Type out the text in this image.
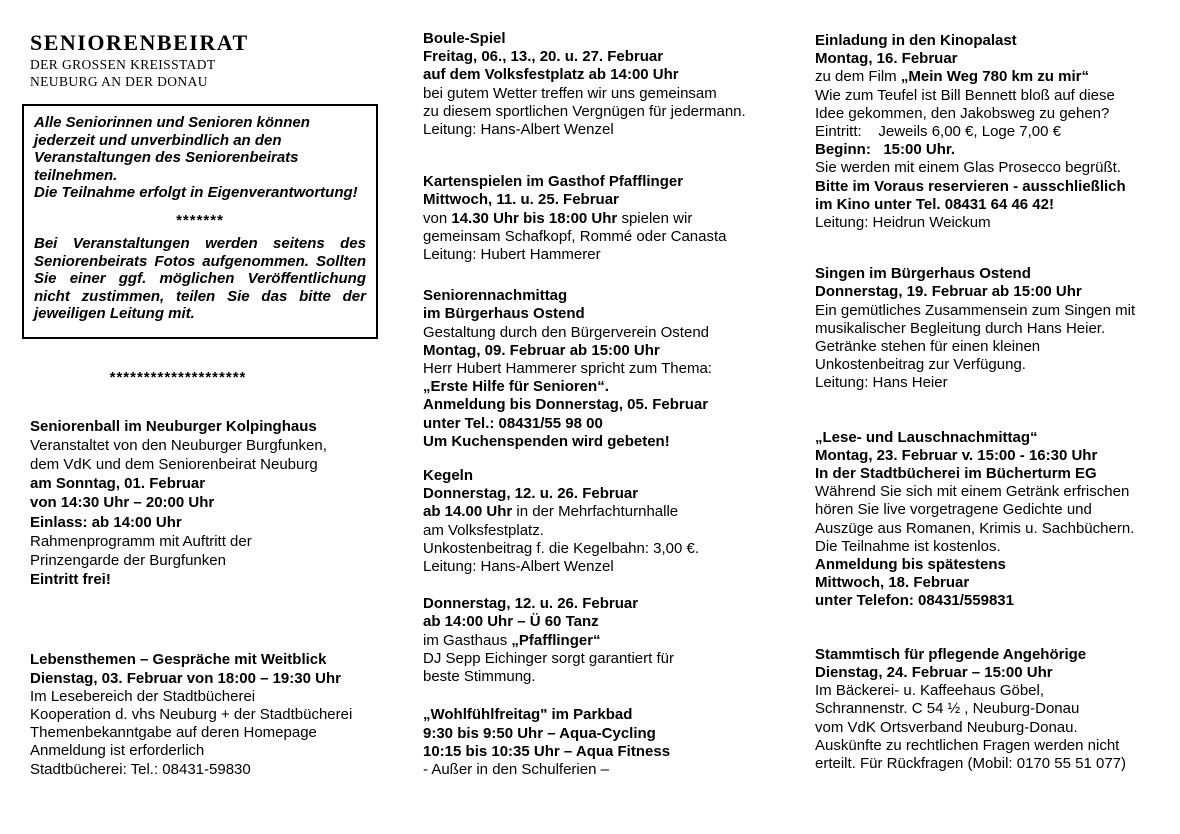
SENIORENBEIRAT
DER GROSSEN KREISSTADT
NEUBURG AN DER DONAU
Alle Seniorinnen und Senioren können
jederzeit und unverbindlich an den
Veranstaltungen des Seniorenbeirats
teilnehmen.
Die Teilnahme erfolgt in Eigenverantwortung!
*******
Bei Veranstaltungen werden seitens des
Seniorenbeirats Fotos aufgenommen. Sollten
Sie einer ggf. möglichen Veröffentlichung
nicht zustimmen, teilen Sie das bitte der
jeweiligen Leitung mit.
********************
Seniorenball im Neuburger Kolpinghaus
Veranstaltet von den Neuburger Burgfunken,
dem VdK und dem Seniorenbeirat Neuburg
am Sonntag, 01. Februar
von 14:30 Uhr – 20:00 Uhr
Einlass: ab 14:00 Uhr
Rahmenprogramm mit Auftritt der
Prinzengarde der Burgfunken
Eintritt frei!
Lebensthemen – Gespräche mit Weitblick
Dienstag, 03. Februar von 18:00 – 19:30 Uhr
Im Lesebereich der Stadtbücherei
Kooperation d. vhs Neuburg + der Stadtbücherei
Themenbekanntgabe auf deren Homepage
Anmeldung ist erforderlich
Stadtbücherei: Tel.: 08431-59830
Boule-Spiel
Freitag, 06., 13., 20. u. 27. Februar
auf dem Volksfestplatz ab 14:00 Uhr
bei gutem Wetter treffen wir uns gemeinsam
zu diesem sportlichen Vergnügen für jedermann.
Leitung: Hans-Albert Wenzel
Kartenspielen im Gasthof Pfafflinger
Mittwoch, 11. u. 25. Februar
von 14.30 Uhr bis 18:00 Uhr spielen wir
gemeinsam Schafkopf, Rommé oder Canasta
Leitung: Hubert Hammerer
Seniorennachmittag
im Bürgerhaus Ostend
Gestaltung durch den Bürgerverein Ostend
Montag, 09. Februar ab 15:00 Uhr
Herr Hubert Hammerer spricht zum Thema:
„Erste Hilfe für Senioren“.
Anmeldung bis Donnerstag, 05. Februar
unter Tel.: 08431/55 98 00
Um Kuchenspenden wird gebeten!
Kegeln
Donnerstag, 12. u. 26. Februar
ab 14.00 Uhr in der Mehrfachturnhalle
am Volksfestplatz.
Unkostenbeitrag f. die Kegelbahn: 3,00 €.
Leitung: Hans-Albert Wenzel
Donnerstag, 12. u. 26. Februar
ab 14:00 Uhr – Ü 60 Tanz
im Gasthaus „Pfafflinger“
DJ Sepp Eichinger sorgt garantiert für
beste Stimmung.
„Wohlfühlfreitag" im Parkbad
9:30 bis 9:50 Uhr – Aqua-Cycling
10:15 bis 10:35 Uhr – Aqua Fitness
- Außer in den Schulferien –
Einladung in den Kinopalast
Montag, 16. Februar
zu dem Film „Mein Weg 780 km zu mir“
Wie zum Teufel ist Bill Bennett bloß auf diese
Idee gekommen, den Jakobsweg zu gehen?
Eintritt:    Jeweils 6,00 €, Loge 7,00 €
Beginn:   15:00 Uhr.
Sie werden mit einem Glas Prosecco begrüßt.
Bitte im Voraus reservieren - ausschließlich
im Kino unter Tel. 08431 64 46 42!
Leitung: Heidrun Weickum
Singen im Bürgerhaus Ostend
Donnerstag, 19. Februar ab 15:00 Uhr
Ein gemütliches Zusammensein zum Singen mit
musikalischer Begleitung durch Hans Heier.
Getränke stehen für einen kleinen
Unkostenbeitrag zur Verfügung.
Leitung: Hans Heier
„Lese- und Lauschnachmittag“
Montag, 23. Februar v. 15:00 - 16:30 Uhr
In der Stadtbücherei im Bücherturm EG
Während Sie sich mit einem Getränk erfrischen
hören Sie live vorgetragene Gedichte und
Auszüge aus Romanen, Krimis u. Sachbüchern.
Die Teilnahme ist kostenlos.
Anmeldung bis spätestens
Mittwoch, 18. Februar
unter Telefon: 08431/559831
Stammtisch für pflegende Angehörige
Dienstag, 24. Februar – 15:00 Uhr
Im Bäckerei- u. Kaffeehaus Göbel,
Schrannenstr. C 54 ½ , Neuburg-Donau
vom VdK Ortsverband Neuburg-Donau.
Auskünfte zu rechtlichen Fragen werden nicht
erteilt. Für Rückfragen (Mobil: 0170 55 51 077)
